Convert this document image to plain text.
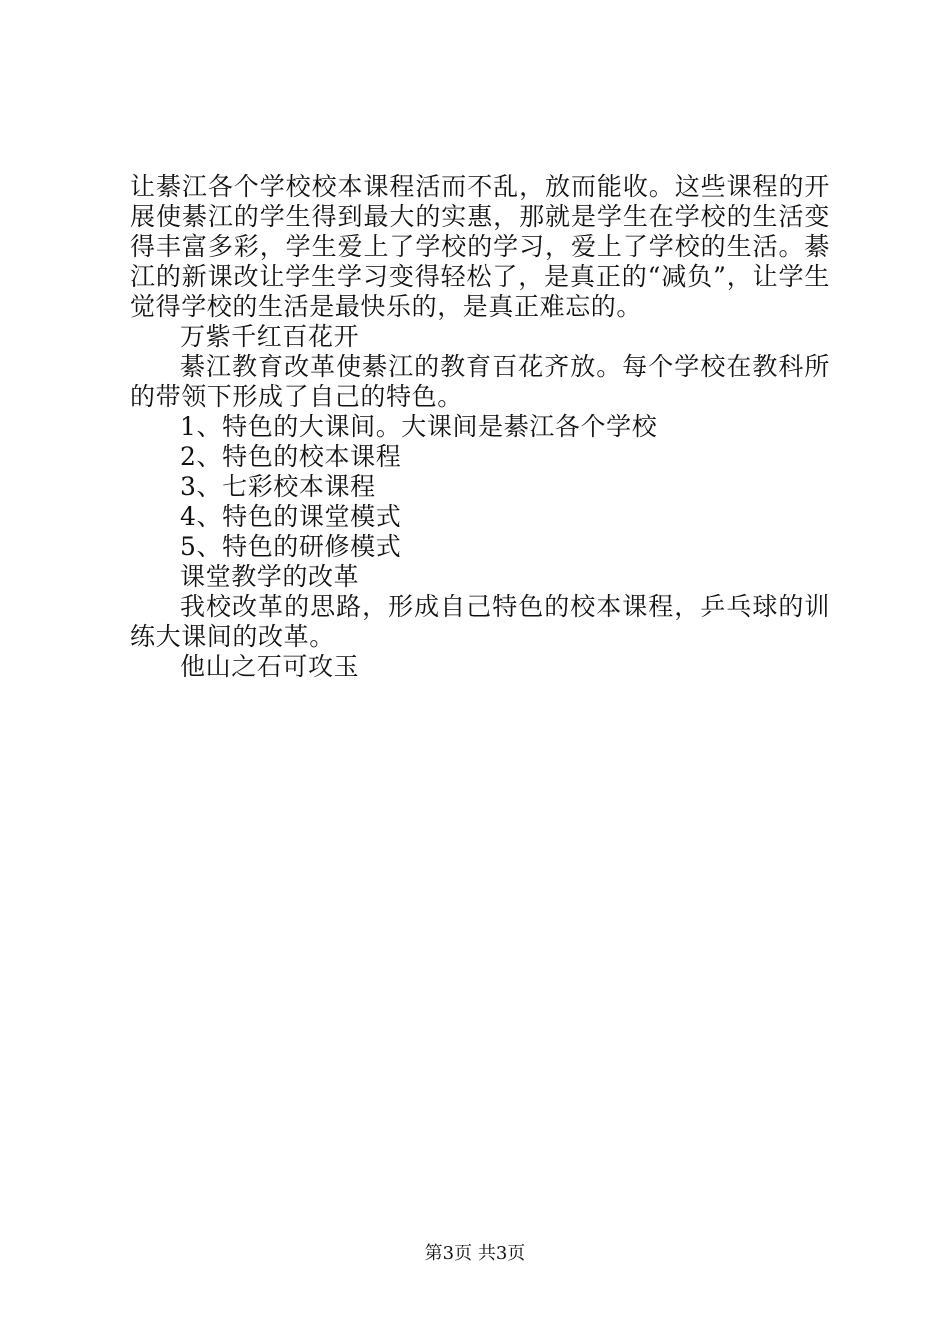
让綦江各个学校校本课程活而不乱，放而能收。这些课程的开展使綦江的学生得到最大的实惠，那就是学生在学校的生活变得丰富多彩，学生爱上了学校的学习，爱上了学校的生活。綦江的新课改让学生学习变得轻松了，是真正的“减负”，让学生觉得学校的生活是最快乐的，是真正难忘的。

万紫千红百花开

綦江教育改革使綦江的教育百花齐放。每个学校在教科所的带领下形成了自己的特色。

1、特色的大课间。大课间是綦江各个学校

2、特色的校本课程

3、七彩校本课程

4、特色的课堂模式

5、特色的研修模式

课堂教学的改革

我校改革的思路，形成自己特色的校本课程，乒乓球的训练大课间的改革。

他山之石可攻玉

第3页 共3页
